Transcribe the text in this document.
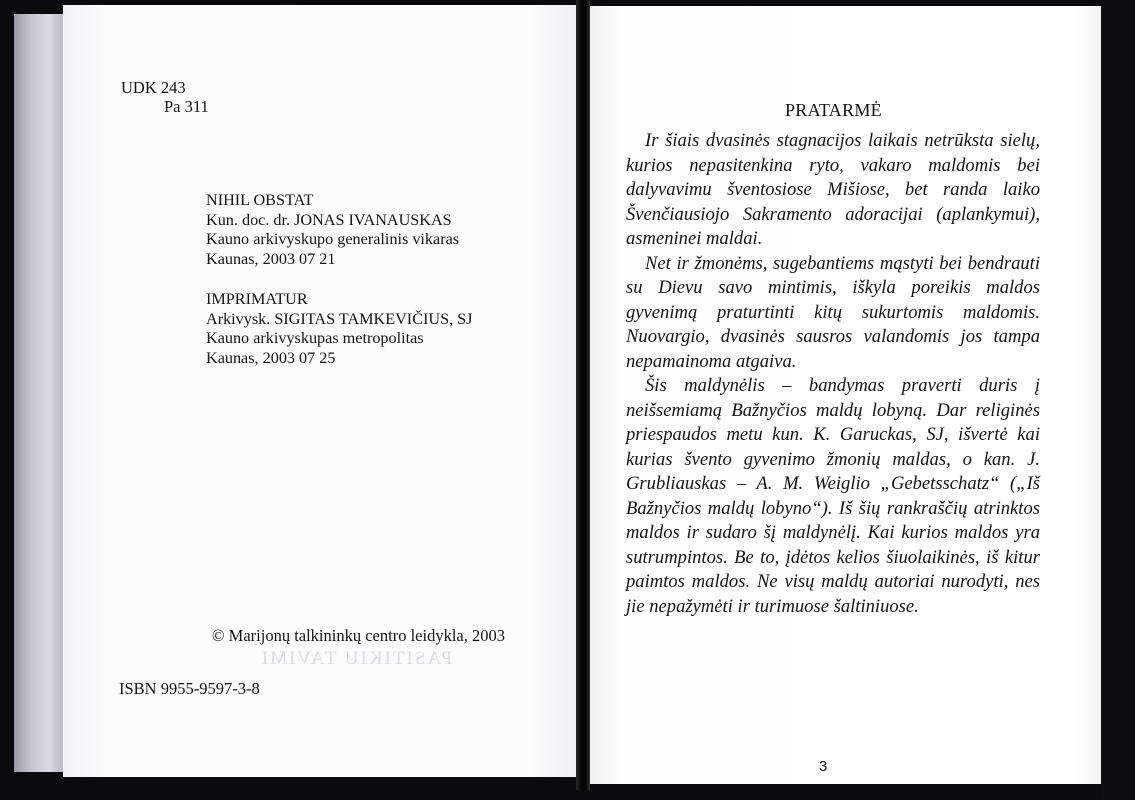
UDK 243
Pa 311
NIHIL OBSTAT
Kun. doc. dr. JONAS IVANAUSKAS
Kauno arkivyskupo generalinis vikaras
Kaunas, 2003 07 21
IMPRIMATUR
Arkivysk. SIGITAS TAMKEVIČIUS, SJ
Kauno arkivyskupas metropolitas
Kaunas, 2003 07 25
© Marijonų talkininkų centro leidykla, 2003
PASITIKIU TAVIMI
ISBN 9955-9597-3-8
PRATARMĖ

Ir šiais dvasinės stagnacijos laikais netrūksta sielų, kurios nepasitenkina ryto, vakaro maldomis bei dalyvavimu šventosiose Mišiose, bet randa laiko Švenčiausiojo Sakramento adoracijai (aplankymui), asmeninei maldai.

Net ir žmonėms, sugebantiems mąstyti bei bendrauti su Dievu savo mintimis, iškyla poreikis maldos gyvenimą praturtinti kitų sukurtomis maldomis. Nuovargio, dvasinės sausros valandomis jos tampa nepamainoma atgaiva.

Šis maldynėlis – bandymas praverti duris į neišsemiamą Bažnyčios maldų lobyną. Dar religinės priespaudos metu kun. K. Garuckas, SJ, išvertė kai kurias švento gyvenimo žmonių maldas, o kan. J. Grubliauskas – A. M. Weiglio „Gebetsschatz“ („Iš Bažnyčios maldų lobyno“). Iš šių rankraščių atrinktos maldos ir sudaro šį maldynėlį. Kai kurios maldos yra sutrumpintos. Be to, įdėtos kelios šiuolaikinės, iš kitur paimtos maldos. Ne visų maldų autoriai nurodyti, nes jie nepažymėti ir turimuose šaltiniuose.

3
